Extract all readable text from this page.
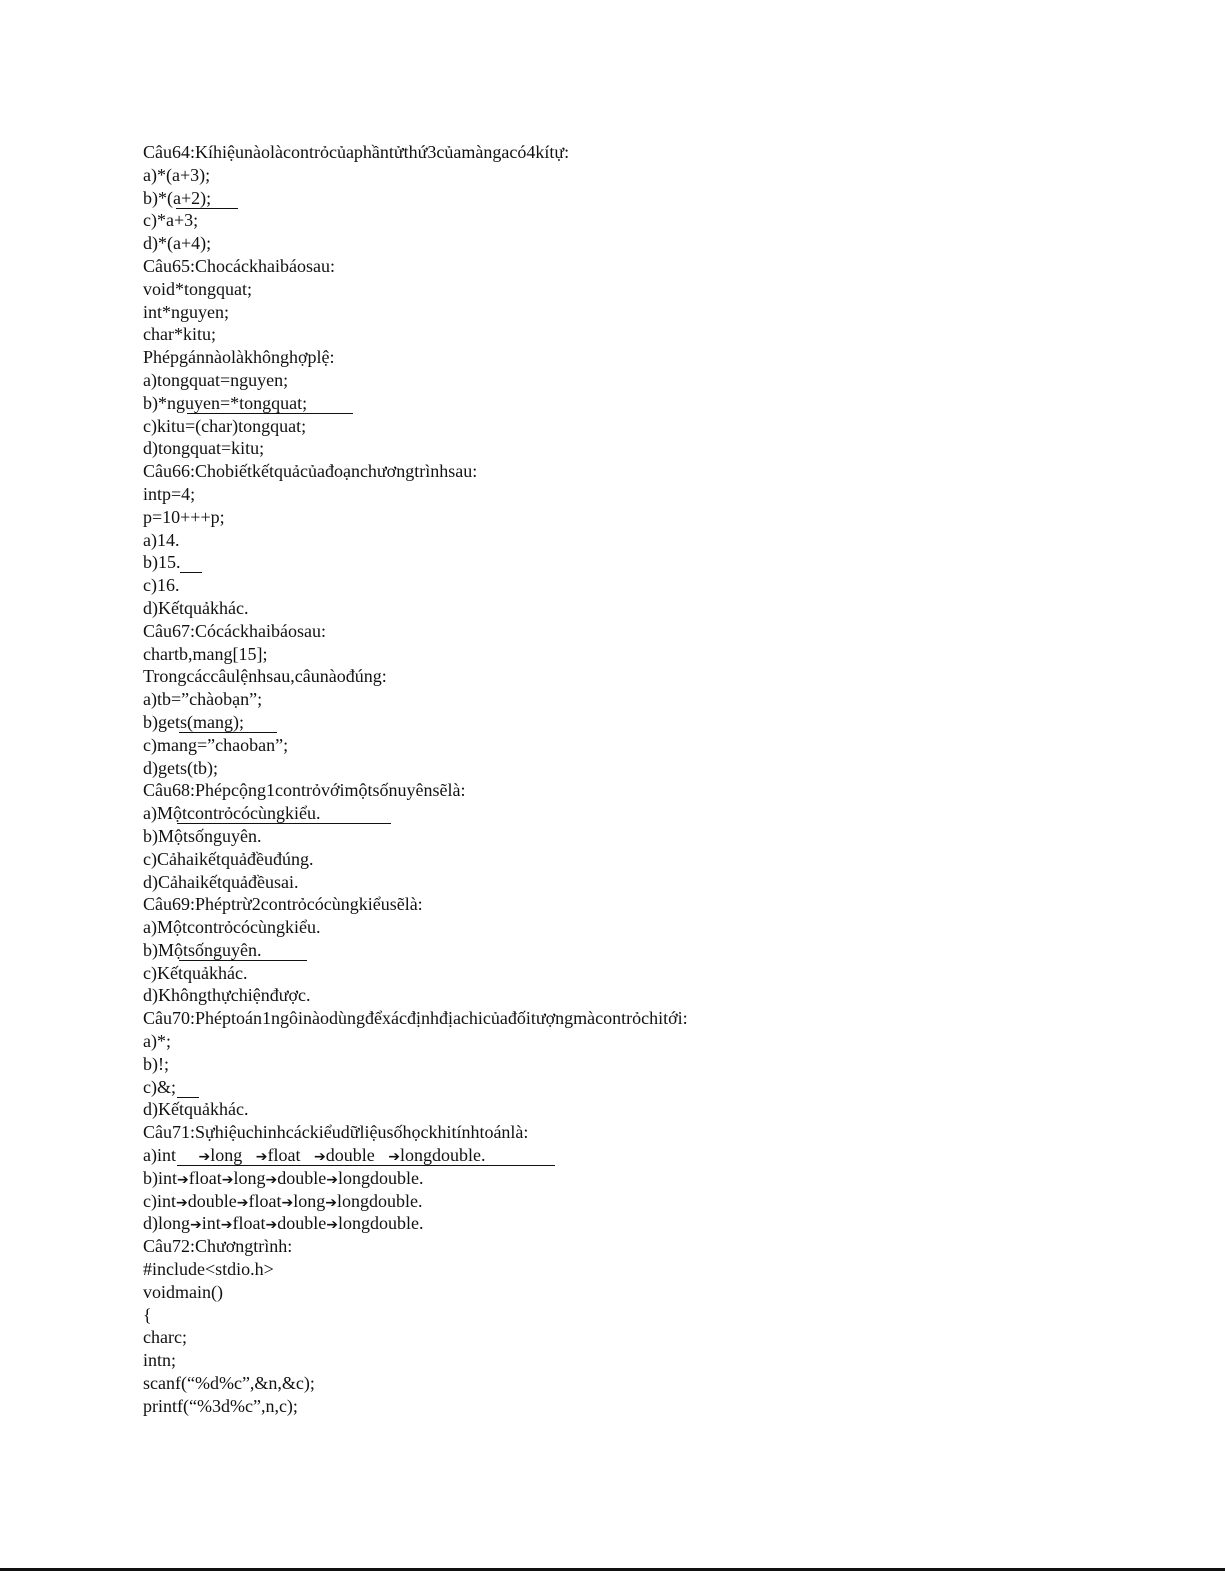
Câu64:Kíhiệunàolàcontrỏcủaphầntửthứ3củamàngacó4kítự:
a)*(a+3);
b)*(a+2);
c)*a+3;
d)*(a+4);
Câu65:Chocáckhaibáosau:
void*tongquat;
int*nguyen;
char*kitu;
Phépgánnàolàkhônghợplệ:
a)tongquat=nguyen;
b)*nguyen=*tongquat;
c)kitu=(char)tongquat;
d)tongquat=kitu;
Câu66:Chobiếtkếtquảcủađoạnchươngtrìnhsau:
intp=4;
p=10+++p;
a)14.
b)15.
c)16.
d)Kếtquảkhác.
Câu67:Cócáckhaibáosau:
chartb,mang[15];
Trongcáccâulệnhsau,câunàođúng:
a)tb=”chàobạn”;
b)gets(mang);
c)mang=”chaoban”;
d)gets(tb);
Câu68:Phépcộng1contrỏvớimộtsốnuyênsẽlà:
a)Mộtcontrỏcócùngkiểu.
b)Mộtsốnguyên.
c)Cảhaikếtquảđềuđúng.
d)Cảhaikếtquảđềusai.
Câu69:Phéptrừ2contrỏcócùngkiểusẽlà:
a)Mộtcontrỏcócùngkiểu.
b)Mộtsốnguyên.
c)Kếtquảkhác.
d)Khôngthựchiệnđược.
Câu70:Phéptoán1ngôinàodùngđểxácđịnhđịachicủađốitượngmàcontrỏchitới:
a)*;
b)!;
c)&;
d)Kếtquảkhác.
Câu71:Sựhiệuchinhcáckiểudữliệusốhọckhitínhtoánlà:
a)int ➔long ➔float ➔double ➔longdouble.
b)int➔float➔long➔double➔longdouble.
c)int➔double➔float➔long➔longdouble.
d)long➔int➔float➔double➔longdouble.
Câu72:Chươngtrình:
#include<stdio.h>
voidmain()
{
charc;
intn;
scanf(“%d%c”,&n,&c);
printf(“%3d%c”,n,c);
